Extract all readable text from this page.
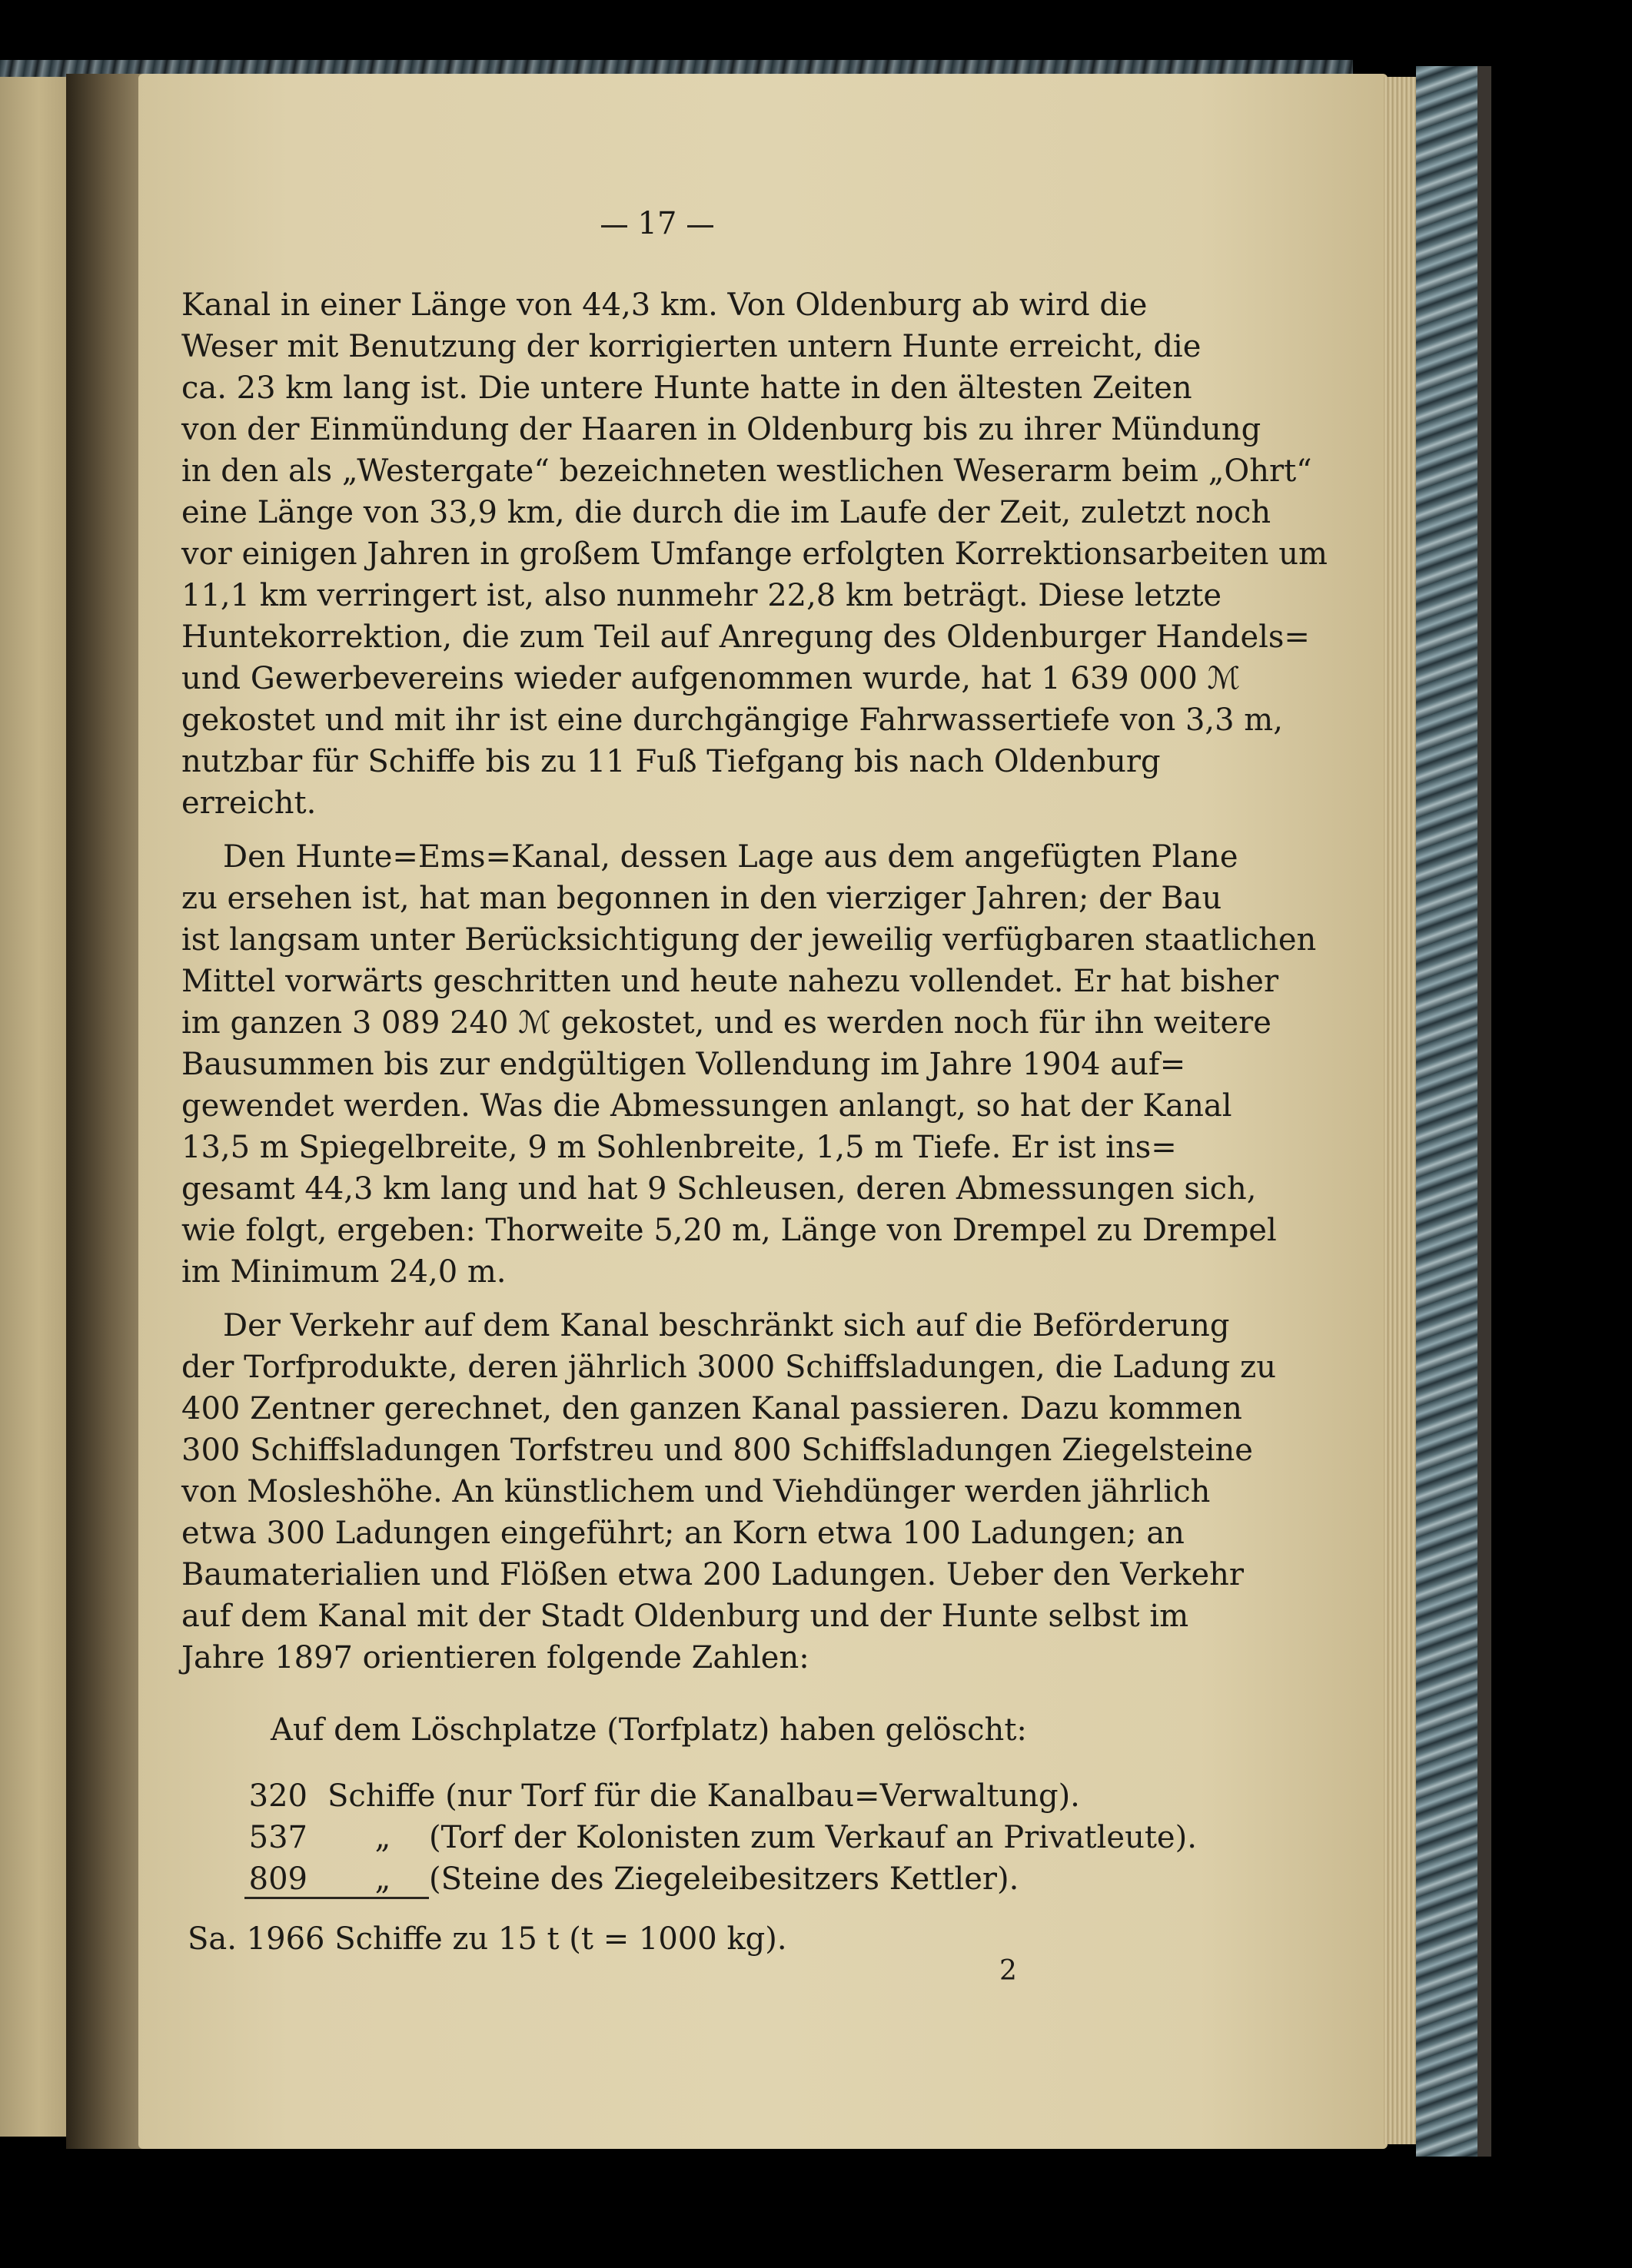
17
Kanal in einer Länge von 44,3 km. Von Oldenburg ab wird die
Weser mit Benutzung der korrigierten untern Hunte erreicht, die
ca. 23 km lang ist. Die untere Hunte hatte in den ältesten Zeiten
von der Einmündung der Haaren in Oldenburg bis zu ihrer Mündung
in den als „Westergate“ bezeichneten westlichen Weserarm beim „Ohrt“
eine Länge von 33,9 km, die durch die im Laufe der Zeit, zuletzt noch
vor einigen Jahren in großem Umfange erfolgten Korrektionsarbeiten um
11,1 km verringert ist, also nunmehr 22,8 km beträgt. Diese letzte
Huntekorrektion, die zum Teil auf Anregung des Oldenburger Handels=
und Gewerbevereins wieder aufgenommen wurde, hat 1 639 000 ℳ
gekostet und mit ihr ist eine durchgängige Fahrwassertiefe von 3,3 m,
nutzbar für Schiffe bis zu 11 Fuß Tiefgang bis nach Oldenburg
erreicht.
Den Hunte=Ems=Kanal, dessen Lage aus dem angefügten Plane
zu ersehen ist, hat man begonnen in den vierziger Jahren; der Bau
ist langsam unter Berücksichtigung der jeweilig verfügbaren staatlichen
Mittel vorwärts geschritten und heute nahezu vollendet. Er hat bisher
im ganzen 3 089 240 ℳ gekostet, und es werden noch für ihn weitere
Bausummen bis zur endgültigen Vollendung im Jahre 1904 auf=
gewendet werden. Was die Abmessungen anlangt, so hat der Kanal
13,5 m Spiegelbreite, 9 m Sohlenbreite, 1,5 m Tiefe. Er ist ins=
gesamt 44,3 km lang und hat 9 Schleusen, deren Abmessungen sich,
wie folgt, ergeben: Thorweite 5,20 m, Länge von Drempel zu Drempel
im Minimum 24,0 m.
Der Verkehr auf dem Kanal beschränkt sich auf die Beförderung
der Torfprodukte, deren jährlich 3000 Schiffsladungen, die Ladung zu
400 Zentner gerechnet, den ganzen Kanal passieren. Dazu kommen
300 Schiffsladungen Torfstreu und 800 Schiffsladungen Ziegelsteine
von Mosleshöhe. An künstlichem und Viehdünger werden jährlich
etwa 300 Ladungen eingeführt; an Korn etwa 100 Ladungen; an
Baumaterialien und Flößen etwa 200 Ladungen. Ueber den Verkehr
auf dem Kanal mit der Stadt Oldenburg und der Hunte selbst im
Jahre 1897 orientieren folgende Zahlen:
Auf dem Löschplatze (Torfplatz) haben gelöscht:
320 Schiffe (nur Torf für die Kanalbau=Verwaltung).
537 „ (Torf der Kolonisten zum Verkauf an Privatleute).
809 „ (Steine des Ziegeleibesitzers Kettler).
Sa. 1966 Schiffe zu 15 t (t = 1000 kg).
2
